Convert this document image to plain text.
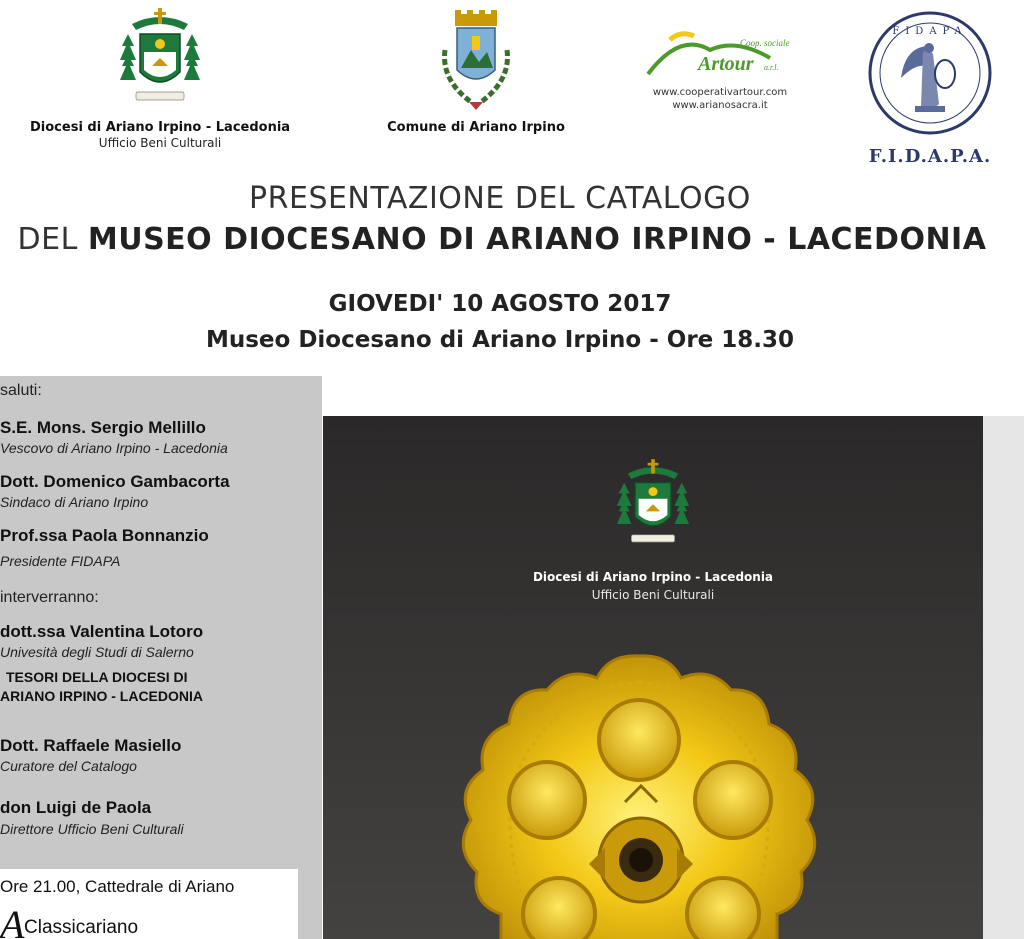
Diocesi di Ariano Irpino - Lacedonia
Ufficio Beni Culturali
Comune di Ariano Irpino
Coop. sociale
Artour a.r.l.
www.cooperativartour.com
www.arianosacra.it
FIDAPA
F.I.D.A.P.A.
PRESENTAZIONE DEL CATALOGO
DEL MUSEO DIOCESANO DI ARIANO IRPINO - LACEDONIA
GIOVEDI' 10 AGOSTO 2017
Museo Diocesano di Ariano Irpino - Ore 18.30
saluti:
S.E. Mons. Sergio Mellillo
Vescovo di Ariano Irpino - Lacedonia
Dott. Domenico Gambacorta
Sindaco di Ariano Irpino
Prof.ssa Paola Bonnanzio
Presidente FIDAPA
interverranno:
dott.ssa Valentina Lotoro
Univesità degli Studi di Salerno
TESORI DELLA DIOCESI DI
ARIANO IRPINO - LACEDONIA
Dott. Raffaele Masiello
Curatore del Catalogo
don Luigi de Paola
Direttore Ufficio Beni Culturali
Ore 21.00, Cattedrale di Ariano
A Classicariano
Diocesi di Ariano Irpino - Lacedonia
Ufficio Beni Culturali
